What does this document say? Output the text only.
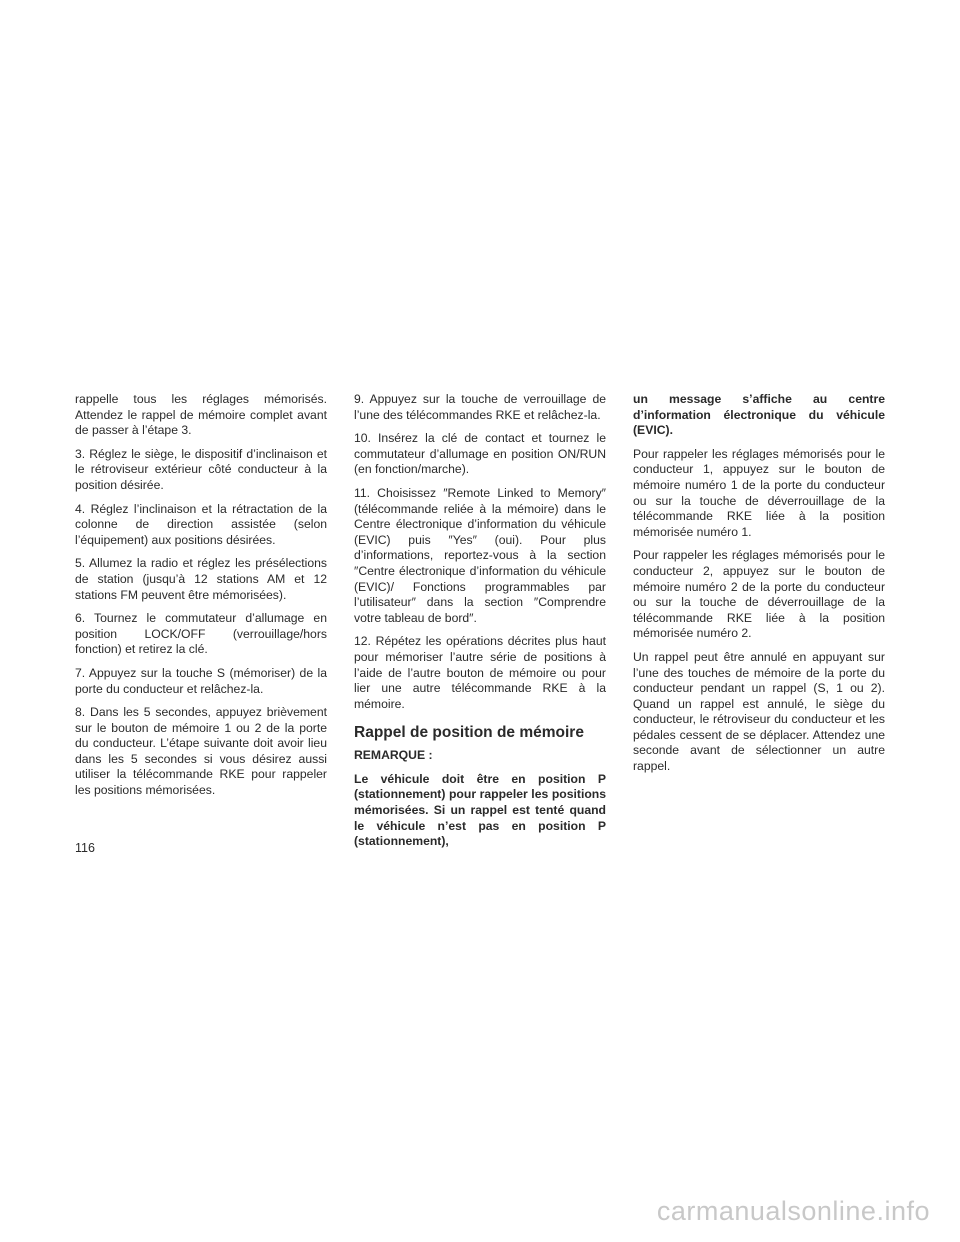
rappelle tous les réglages mémorisés. Attendez le rappel de mémoire complet avant de passer à l’étape 3.

3. Réglez le siège, le dispositif d’inclinaison et le rétroviseur extérieur côté conducteur à la position désirée.

4. Réglez l’inclinaison et la rétractation de la colonne de direction assistée (selon l’équipement) aux positions désirées.

5. Allumez la radio et réglez les présélections de station (jusqu’à 12 stations AM et 12 stations FM peuvent être mémorisées).

6. Tournez le commutateur d’allumage en position LOCK/OFF (verrouillage/hors fonction) et retirez la clé.

7. Appuyez sur la touche S (mémoriser) de la porte du conducteur et relâchez-la.

8. Dans les 5 secondes, appuyez brièvement sur le bouton de mémoire 1 ou 2 de la porte du conducteur. L’étape suivante doit avoir lieu dans les 5 secondes si vous désirez aussi utiliser la télécommande RKE pour rappeler les positions mémorisées.

9. Appuyez sur la touche de verrouillage de l’une des télécommandes RKE et relâchez-la.

10. Insérez la clé de contact et tournez le commutateur d’allumage en position ON/RUN (en fonction/marche).

11. Choisissez ″Remote Linked to Memory″ (télécommande reliée à la mémoire) dans le Centre électronique d’information du véhicule (EVIC) puis ″Yes″ (oui). Pour plus d’informations, reportez-vous à la section ″Centre électronique d’information du véhicule (EVIC)/ Fonctions programmables par l’utilisateur″ dans la section ″Comprendre votre tableau de bord″.

12. Répétez les opérations décrites plus haut pour mémoriser l’autre série de positions à l’aide de l’autre bouton de mémoire ou pour lier une autre télécommande RKE à la mémoire.

Rappel de position de mémoire

REMARQUE :

Le véhicule doit être en position P (stationnement) pour rappeler les positions mémorisées. Si un rappel est tenté quand le véhicule n’est pas en position P (stationnement),

un message s’affiche au centre d’information électronique du véhicule (EVIC).

Pour rappeler les réglages mémorisés pour le conducteur 1, appuyez sur le bouton de mémoire numéro 1 de la porte du conducteur ou sur la touche de déverrouillage de la télécommande RKE liée à la position mémorisée numéro 1.

Pour rappeler les réglages mémorisés pour le conducteur 2, appuyez sur le bouton de mémoire numéro 2 de la porte du conducteur ou sur la touche de déverrouillage de la télécommande RKE liée à la position mémorisée numéro 2.

Un rappel peut être annulé en appuyant sur l’une des touches de mémoire de la porte du conducteur pendant un rappel (S, 1 ou 2). Quand un rappel est annulé, le siège du conducteur, le rétroviseur du conducteur et les pédales cessent de se déplacer. Attendez une seconde avant de sélectionner un autre rappel.

116
carmanualsonline.info
